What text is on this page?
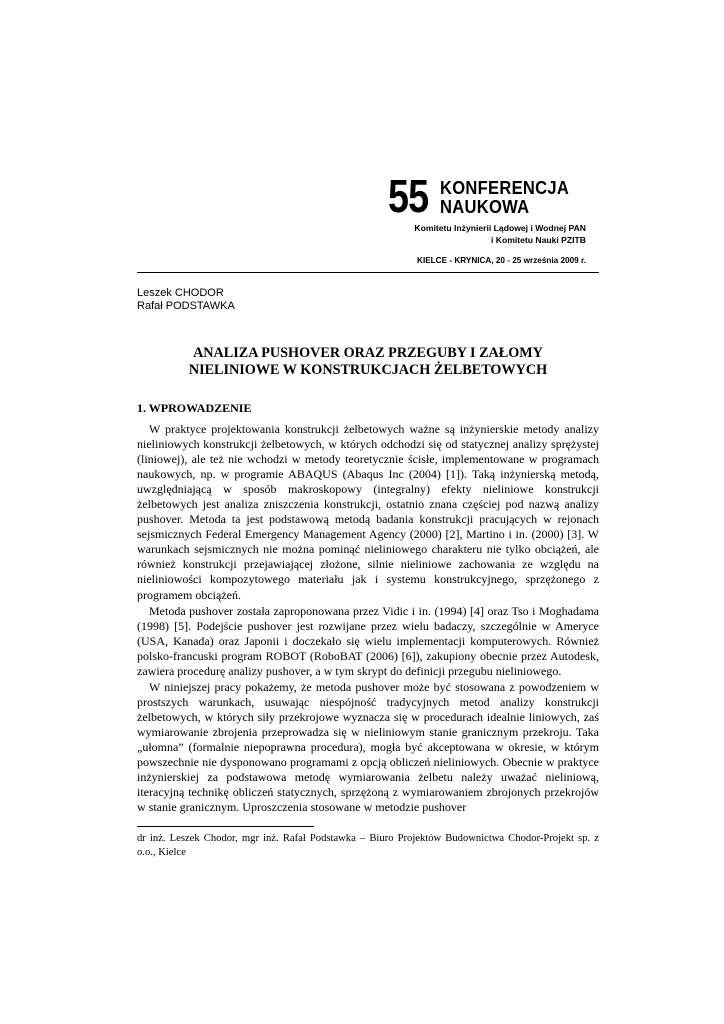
55 KONFERENCJA
NAUKOWA
Komitetu Inżynierii Lądowej i Wodnej PAN
i Komitetu Nauki PZITB
KIELCE - KRYNICA, 20 - 25 września 2009 r.
Leszek CHODOR
Rafał PODSTAWKA
ANALIZA PUSHOVER ORAZ PRZEGUBY I ZAŁOMY
NIELINIOWE W KONSTRUKCJACH ŻELBETOWYCH
1. WPROWADZENIE

W praktyce projektowania konstrukcji żelbetowych ważne są inżynierskie metody analizy nieliniowych konstrukcji żelbetowych, w których odchodzi się od statycznej analizy sprężystej (liniowej), ale też nie wchodzi w metody teoretycznie ścisłe, implementowane w programach naukowych, np. w programie ABAQUS (Abaqus Inc (2004) [1]). Taką inżynierską metodą, uwzględniającą w sposób makroskopowy (integralny) efekty nieliniowe konstrukcji żelbetowych jest analiza zniszczenia konstrukcji, ostatnio znana częściej pod nazwą analizy pushover. Metoda ta jest podstawową metodą badania konstrukcji pracujących w rejonach sejsmicznych Federal Emergency Management Agency (2000) [2], Martino i in. (2000) [3]. W warunkach sejsmicznych nie można pominąć nieliniowego charakteru nie tylko obciążeń, ale również konstrukcji przejawiającej złożone, silnie nieliniowe zachowania ze względu na nieliniowości kompozytowego materiału jak i systemu konstrukcyjnego, sprzężonego z programem obciążeń.

Metoda pushover została zaproponowana przez Vidic i in. (1994) [4] oraz Tso i Moghadama (1998) [5]. Podejście pushover jest rozwijane przez wielu badaczy, szczególnie w Ameryce (USA, Kanada) oraz Japonii i doczekało się wielu implementacji komputerowych. Również polsko-francuski program ROBOT (RoboBAT (2006) [6]), zakupiony obecnie przez Autodesk, zawiera procedurę analizy pushover, a w tym skrypt do definicji przegubu nieliniowego.

W niniejszej pracy pokażemy, że metoda pushover może być stosowana z powodzeniem w prostszych warunkach, usuwając niespójność tradycyjnych metod analizy konstrukcji żelbetowych, w których siły przekrojowe wyznacza się w procedurach idealnie liniowych, zaś wymiarowanie zbrojenia przeprowadza się w nieliniowym stanie granicznym przekroju. Taka „ułomna” (formalnie niepoprawna procedura), mogła być akceptowana w okresie, w którym powszechnie nie dysponowano programami z opcją obliczeń nieliniowych. Obecnie w praktyce inżynierskiej za podstawowa metodę wymiarowania żelbetu należy uważać nieliniową, iteracyjną technikę obliczeń statycznych, sprzężoną z wymiarowaniem zbrojonych przekrojów w stanie granicznym. Uproszczenia stosowane w metodzie pushover

dr inż. Leszek Chodor, mgr inż. Rafał Podstawka – Biuro Projektów Budownictwa Chodor-Projekt sp. z o.o., Kielce
